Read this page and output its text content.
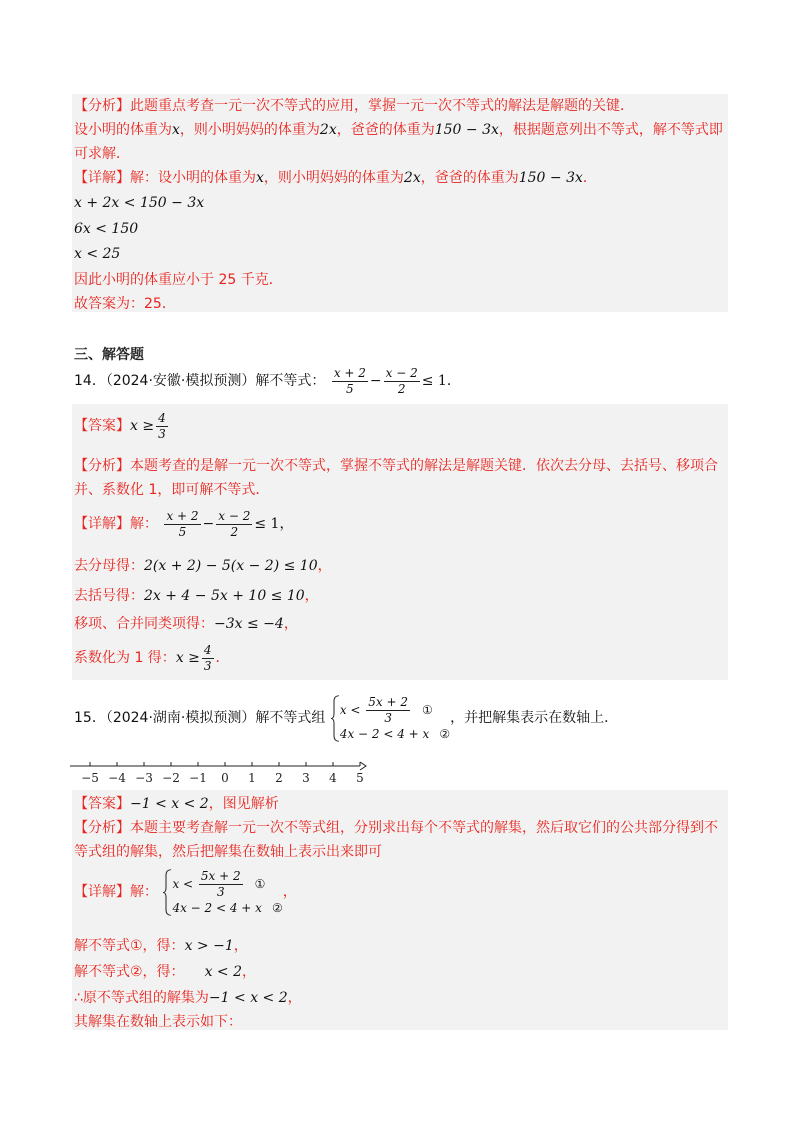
【分析】此题重点考查一元一次不等式的应用，掌握一元一次不等式的解法是解题的关键．
设小明的体重为x，则小明妈妈的体重为2x，爸爸的体重为150 − 3x，根据题意列出不等式，解不等式即
可求解．
【详解】解：设小明的体重为x，则小明妈妈的体重为2x，爸爸的体重为150 − 3x．
x + 2x < 150 − 3x
6x < 150
x < 25
因此小明的体重应小于 25 千克．
故答案为：25．
三、解答题
14．（2024·安徽·模拟预测）解不等式： $\frac{x + 2}{5} - \frac{x - 2}{2} \le 1$．
【答案】$x \ge \frac{4}{3}$
【分析】本题考查的是解一元一次不等式，掌握不等式的解法是解题关键．依次去分母、去括号、移项合
并、系数化 1，即可解不等式．
【详解】解： $\frac{x + 2}{5} - \frac{x - 2}{2} \le 1$，
去分母得：2(x + 2) − 5(x − 2) ≤ 10，
去括号得：2x + 4 − 5x + 10 ≤ 10，
移项、合并同类项得：−3x ≤ −4，
系数化为 1 得：$x \ge \frac{4}{3}$ ．
15．（2024·湖南·模拟预测）解不等式组
$x < \frac{5x + 2}{3}$ ①
4x − 2 < 4 + x ②
，并把解集表示在数轴上．
−5 −4 −3 −2 −1 0 1 2 3 4 5
【答案】−1 < x < 2，图见解析
【分析】本题主要考查解一元一次不等式组，分别求出每个不等式的解集，然后取它们的公共部分得到不
等式组的解集，然后把解集在数轴上表示出来即可
【详解】解：
$x < \frac{5x + 2}{3}$ ①
4x − 2 < 4 + x ②
，
解不等式①，得：x > −1，
解不等式②，得： x < 2，
∴原不等式组的解集为−1 < x < 2，
其解集在数轴上表示如下：
